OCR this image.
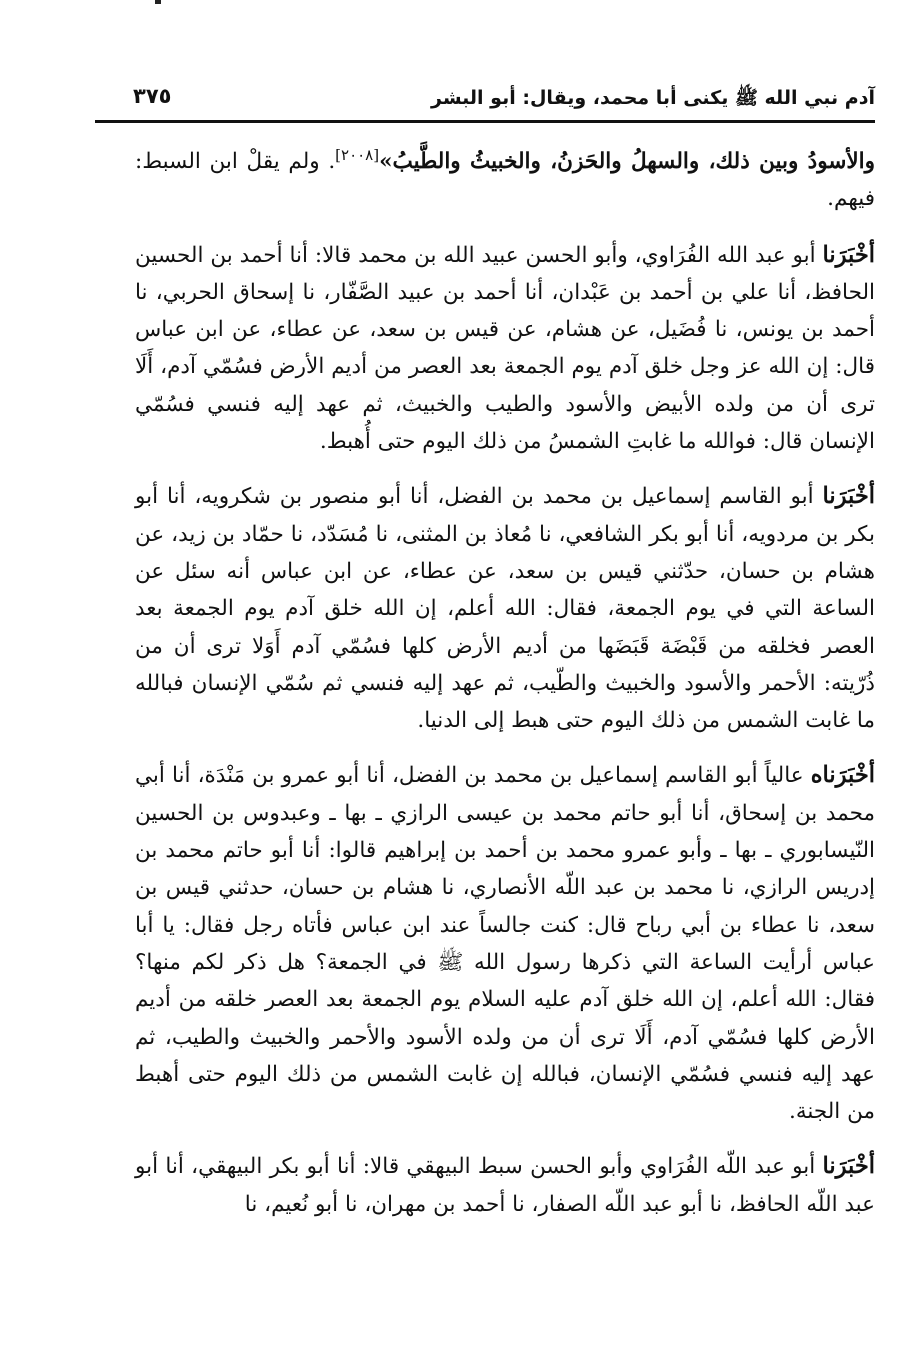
آدم نبي الله ﷺ يكنى أبا محمد، ويقال: أبو البشر
٣٧٥

والأسودُ وبين ذلك، والسهلُ والحَزنُ، والخبيثُ والطَّيبُ»[٢٠٠٨]. ولم يقلْ ابن السبط: فيهم.

أخْبَرَنا أبو عبد الله الفُرَاوي، وأبو الحسن عبيد الله بن محمد قالا: أنا أحمد بن الحسين الحافظ، أنا علي بن أحمد بن عَبْدان، أنا أحمد بن عبيد الصَّفّار، نا إسحاق الحربي، نا أحمد بن يونس، نا فُضَيل، عن هشام، عن قيس بن سعد، عن عطاء، عن ابن عباس قال: إن الله عز وجل خلق آدم يوم الجمعة بعد العصر من أديم الأرض فسُمّي آدم، أَلَا ترى أن من ولده الأبيض والأسود والطيب والخبيث، ثم عهد إليه فنسي فسُمّي الإنسان قال: فوالله ما غابتِ الشمسُ من ذلك اليوم حتى أُهبط.

أخْبَرَنا أبو القاسم إسماعيل بن محمد بن الفضل، أنا أبو منصور بن شكرويه، أنا أبو بكر بن مردويه، أنا أبو بكر الشافعي، نا مُعاذ بن المثنى، نا مُسَدّد، نا حمّاد بن زيد، عن هشام بن حسان، حدّثني قيس بن سعد، عن عطاء، عن ابن عباس أنه سئل عن الساعة التي في يوم الجمعة، فقال: الله أعلم، إن الله خلق آدم يوم الجمعة بعد العصر فخلقه من قَبْضَة قَبَضَها من أديم الأرض كلها فسُمّي آدم أَوَلا ترى أن من ذُرّيته: الأحمر والأسود والخبيث والطّيب، ثم عهد إليه فنسي ثم سُمّي الإنسان فبالله ما غابت الشمس من ذلك اليوم حتى هبط إلى الدنيا.

أخْبَرَناه عالياً أبو القاسم إسماعيل بن محمد بن الفضل، أنا أبو عمرو بن مَنْدَة، أنا أبي محمد بن إسحاق، أنا أبو حاتم محمد بن عيسى الرازي ـ بها ـ وعبدوس بن الحسين النّيسابوري ـ بها ـ وأبو عمرو محمد بن أحمد بن إبراهيم قالوا: أنا أبو حاتم محمد بن إدريس الرازي، نا محمد بن عبد اللّه الأنصاري، نا هشام بن حسان، حدثني قيس بن سعد، نا عطاء بن أبي رباح قال: كنت جالساً عند ابن عباس فأتاه رجل فقال: يا أبا عباس أرأيت الساعة التي ذكرها رسول الله ﷺ في الجمعة؟ هل ذكر لكم منها؟ فقال: الله أعلم، إن الله خلق آدم عليه السلام يوم الجمعة بعد العصر خلقه من أديم الأرض كلها فسُمّي آدم، أَلَا ترى أن من ولده الأسود والأحمر والخبيث والطيب، ثم عهد إليه فنسي فسُمّي الإنسان، فبالله إن غابت الشمس من ذلك اليوم حتى أهبط من الجنة.

أخْبَرَنا أبو عبد اللّه الفُرَاوي وأبو الحسن سبط البيهقي قالا: أنا أبو بكر البيهقي، أنا أبو عبد اللّه الحافظ، نا أبو عبد اللّه الصفار، نا أحمد بن مهران، نا أبو نُعيم، نا
